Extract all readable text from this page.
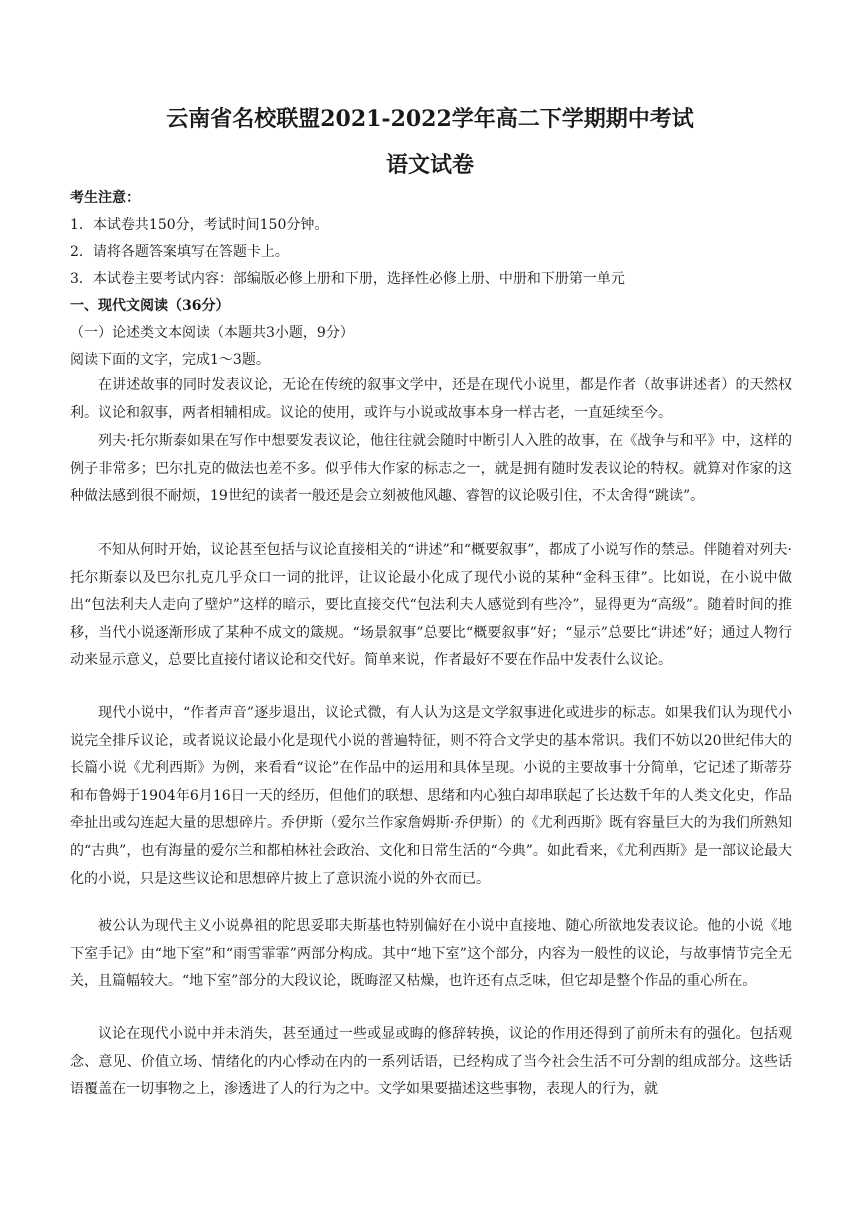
云南省名校联盟2021-2022学年高二下学期期中考试
语文试卷
考生注意：
1．本试卷共150分，考试时间150分钟。
2．请将各题答案填写在答题卡上。
3．本试卷主要考试内容：部编版必修上册和下册，选择性必修上册、中册和下册第一单元
一、现代文阅读（36分）
（一）论述类文本阅读（本题共3小题，9分）
阅读下面的文字，完成1～3题。

在讲述故事的同时发表议论，无论在传统的叙事文学中，还是在现代小说里，都是作者（故事讲述者）的天然权利。议论和叙事，两者相辅相成。议论的使用，或许与小说或故事本身一样古老，一直延续至今。

列夫·托尔斯泰如果在写作中想要发表议论，他往往就会随时中断引人入胜的故事，在《战争与和平》中，这样的例子非常多；巴尔扎克的做法也差不多。似乎伟大作家的标志之一，就是拥有随时发表议论的特权。就算对作家的这种做法感到很不耐烦，19世纪的读者一般还是会立刻被他风趣、睿智的议论吸引住，不太舍得“跳读”。

不知从何时开始，议论甚至包括与议论直接相关的“讲述”和“概要叙事”，都成了小说写作的禁忌。伴随着对列夫·托尔斯泰以及巴尔扎克几乎众口一词的批评，让议论最小化成了现代小说的某种“金科玉律”。比如说，在小说中做出“包法利夫人走向了壁炉”这样的暗示，要比直接交代“包法利夫人感觉到有些冷”，显得更为“高级”。随着时间的推移，当代小说逐渐形成了某种不成文的箴规。“场景叙事”总要比“概要叙事”好；“显示”总要比“讲述”好；通过人物行动来显示意义，总要比直接付诸议论和交代好。简单来说，作者最好不要在作品中发表什么议论。

现代小说中，“作者声音”逐步退出，议论式微，有人认为这是文学叙事进化或进步的标志。如果我们认为现代小说完全排斥议论，或者说议论最小化是现代小说的普遍特征，则不符合文学史的基本常识。我们不妨以20世纪伟大的长篇小说《尤利西斯》为例，来看看“议论”在作品中的运用和具体呈现。小说的主要故事十分简单，它记述了斯蒂芬和布鲁姆于1904年6月16日一天的经历，但他们的联想、思绪和内心独白却串联起了长达数千年的人类文化史，作品牵扯出或勾连起大量的思想碎片。乔伊斯（爱尔兰作家詹姆斯·乔伊斯）的《尤利西斯》既有容量巨大的为我们所熟知的“古典”，也有海量的爱尔兰和都柏林社会政治、文化和日常生活的“今典”。如此看来，《尤利西斯》是一部议论最大化的小说，只是这些议论和思想碎片披上了意识流小说的外衣而已。

被公认为现代主义小说鼻祖的陀思妥耶夫斯基也特别偏好在小说中直接地、随心所欲地发表议论。他的小说《地下室手记》由“地下室”和“雨雪霏霏”两部分构成。其中“地下室”这个部分，内容为一般性的议论，与故事情节完全无关，且篇幅较大。“地下室”部分的大段议论，既晦涩又枯燥，也许还有点乏味，但它却是整个作品的重心所在。

议论在现代小说中并未消失，甚至通过一些或显或晦的修辞转换，议论的作用还得到了前所未有的强化。包括观念、意见、价值立场、情绪化的内心悸动在内的一系列话语，已经构成了当今社会生活不可分割的组成部分。这些话语覆盖在一切事物之上，渗透进了人的行为之中。文学如果要描述这些事物，表现人的行为，就
